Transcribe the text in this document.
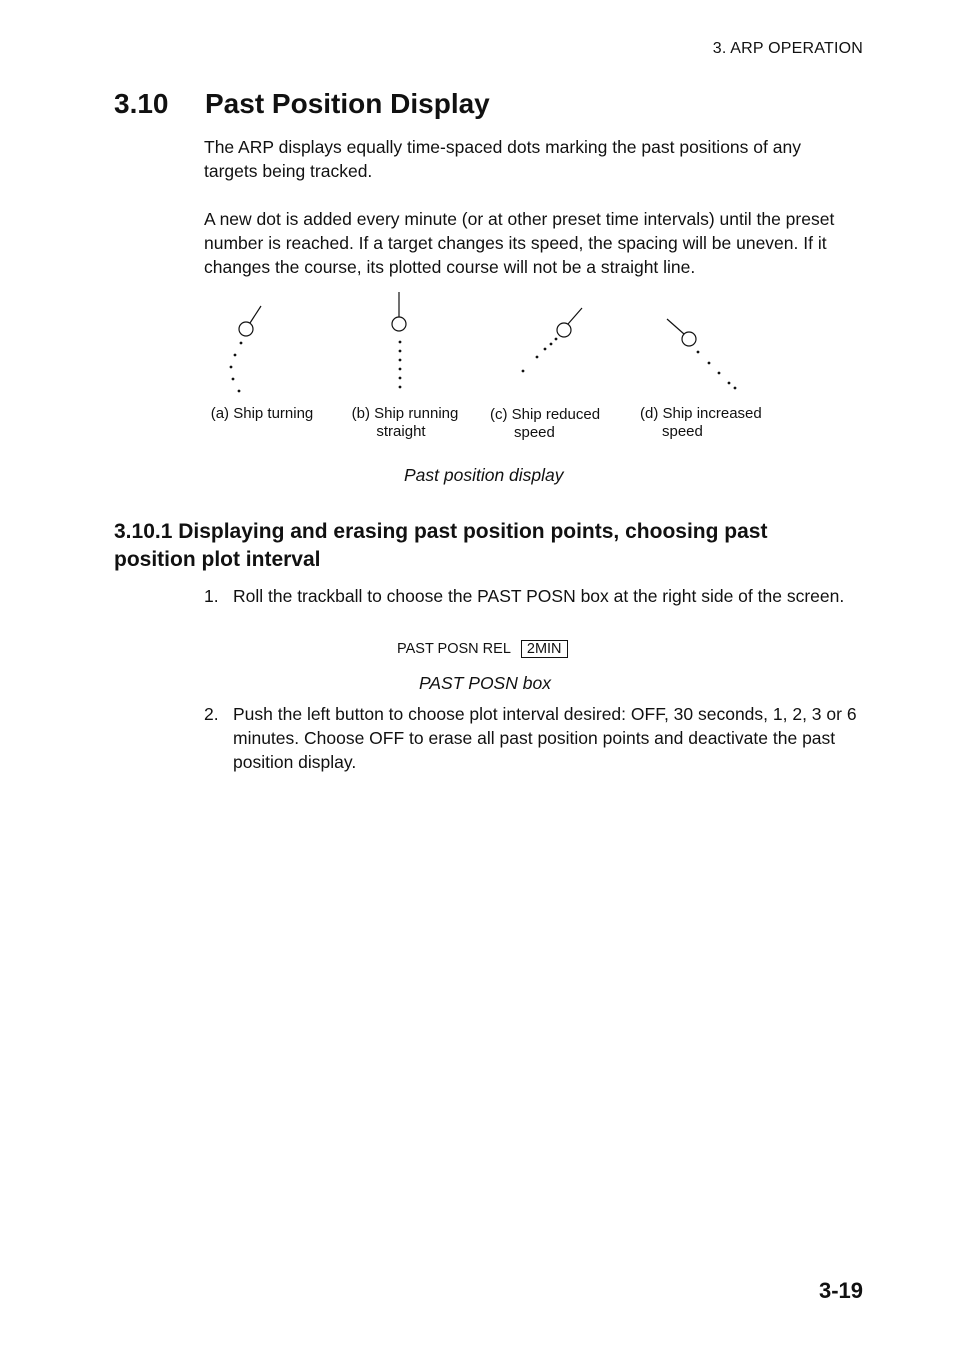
3. ARP OPERATION
3.10 Past Position Display

The ARP displays equally time-spaced dots marking the past positions of any targets being tracked.

A new dot is added every minute (or at other preset time intervals) until the preset number is reached. If a target changes its speed, the spacing will be uneven. If it changes the course, its plotted course will not be a straight line.

(a) Ship turning	(b) Ship running
straight
(c) Ship reduced
speed
(d) Ship increased
speed
Past position display
3.10.1 Displaying and erasing past position points, choosing past position plot interval
1. Roll the trackball to choose the PAST POSN box at the right side of the screen.
PAST POSN REL	2MIN
PAST POSN box
2. Push the left button to choose plot interval desired: OFF, 30 seconds, 1, 2, 3 or 6 minutes. Choose OFF to erase all past position points and deactivate the past position display.
3-19
